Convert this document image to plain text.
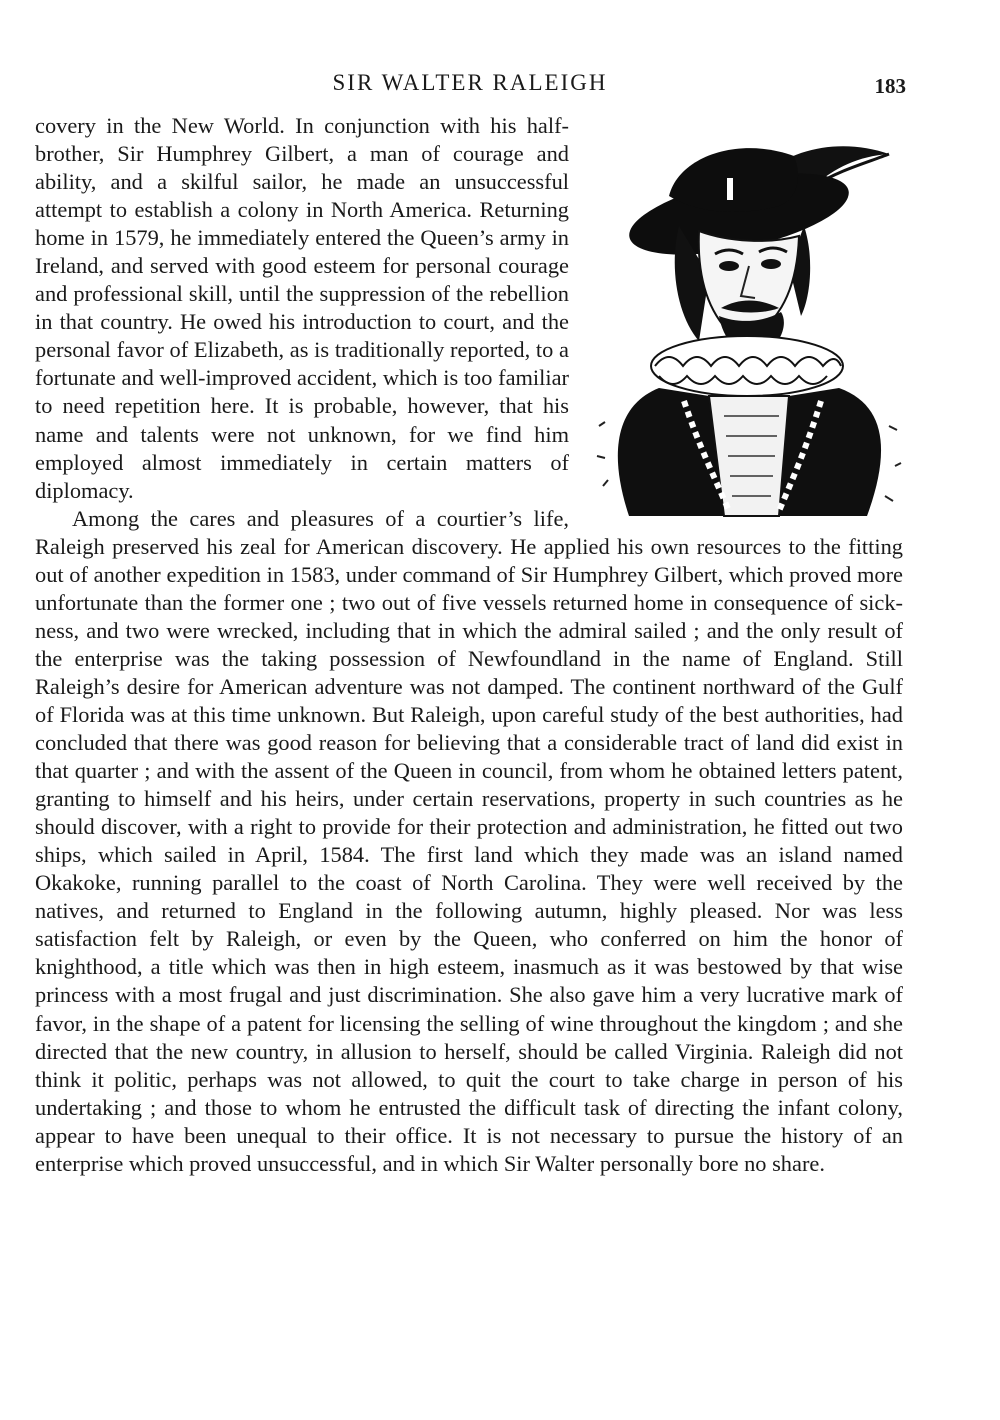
SIR WALTER RALEIGH	183

covery in the New World. In conjunction with his half-brother, Sir Humphrey Gilbert, a man of courage and ability, and a skilful sailor, he made an unsuccessful attempt to establish a colony in North America. Returning home in 1579, he immediately entered the Queen’s army in Ireland, and served with good esteem for personal courage and professional skill, until the suppression of the rebellion in that country. He owed his introduction to court, and the personal favor of Elizabeth, as is traditionally reported, to a fortunate and well-improved accident, which is too familiar to need repetition here. It is probable, however, that his name and talents were not unknown, for we find him employed almost immediately in certain matters of diplomacy.

Among the cares and pleasures of a courtier’s life, Raleigh preserved his zeal for American discovery. He applied his own resources to the fitting out of another expedition in 1583, under command of Sir Humphrey Gilbert, which proved more unfortunate than the former one ; two out of five vessels returned home in consequence of sickness, and two were wrecked, including that in which the admiral sailed ; and the only result of the enterprise was the taking possession of Newfoundland in the name of England. Still Raleigh’s desire for American adventure was not damped. The continent northward of the Gulf of Florida was at this time unknown. But Raleigh, upon careful study of the best authorities, had concluded that there was good reason for believing that a considerable tract of land did exist in that quarter ; and with the assent of the Queen in council, from whom he obtained letters patent, granting to himself and his heirs, under certain reservations, property in such countries as he should discover, with a right to provide for their protection and administration, he fitted out two ships, which sailed in April, 1584. The first land which they made was an island named Okakoke, running parallel to the coast of North Carolina. They were well received by the natives, and returned to England in the following autumn, highly pleased. Nor was less satisfaction felt by Raleigh, or even by the Queen, who conferred on him the honor of knighthood, a title which was then in high esteem, inasmuch as it was bestowed by that wise princess with a most frugal and just discrimination. She also gave him a very lucrative mark of favor, in the shape of a patent for licensing the selling of wine throughout the kingdom ; and she directed that the new country, in allusion to herself, should be called Virginia. Raleigh did not think it politic, perhaps was not allowed, to quit the court to take charge in person of his undertaking ; and those to whom he entrusted the difficult task of directing the infant colony, appear to have been unequal to their office. It is not necessary to pursue the history of an enterprise which proved unsuccessful, and in which Sir Walter personally bore no share.
